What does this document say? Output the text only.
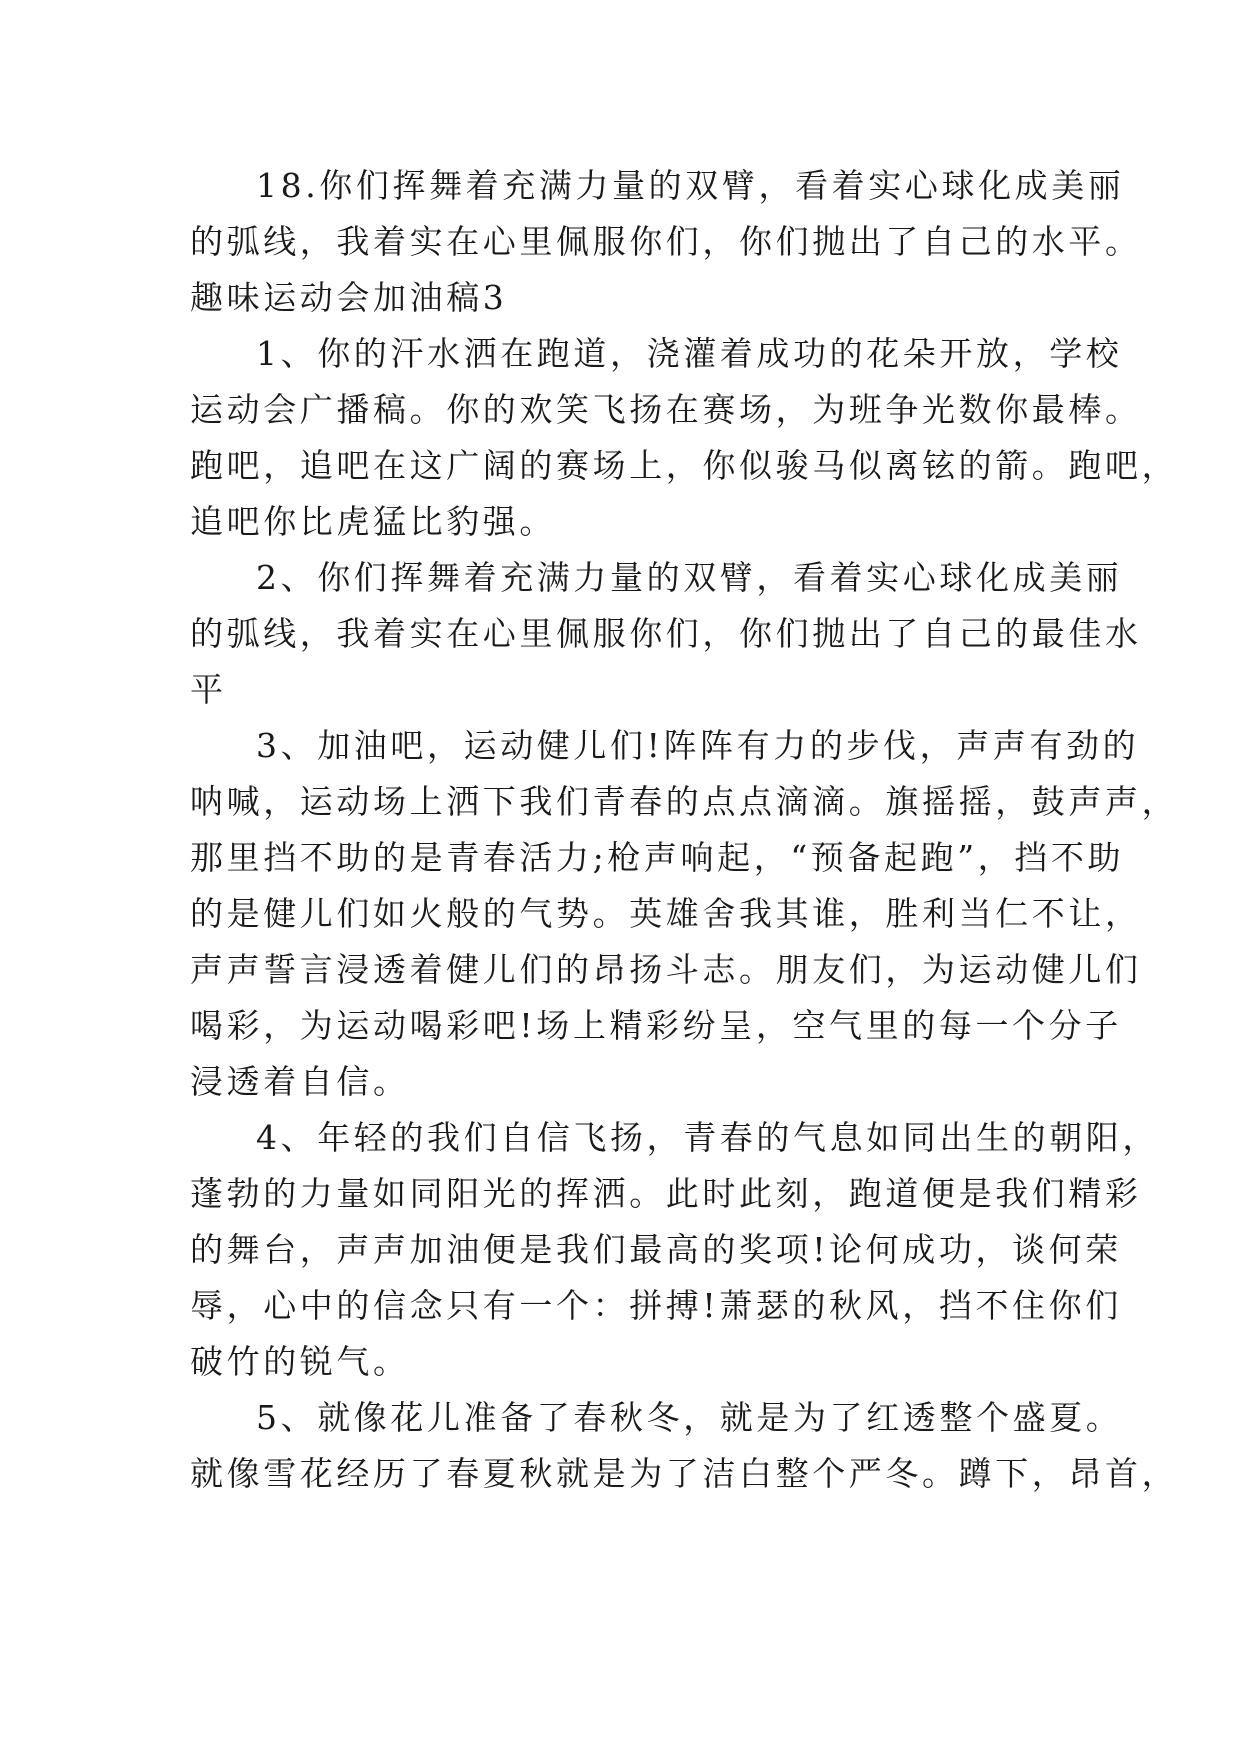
18.你们挥舞着充满力量的双臂，看着实心球化成美丽
的弧线，我着实在心里佩服你们，你们抛出了自己的水平。
趣味运动会加油稿3
1、你的汗水洒在跑道，浇灌着成功的花朵开放，学校
运动会广播稿。你的欢笑飞扬在赛场，为班争光数你最棒。
跑吧，追吧在这广阔的赛场上，你似骏马似离铉的箭。跑吧，
追吧你比虎猛比豹强。
2、你们挥舞着充满力量的双臂，看着实心球化成美丽
的弧线，我着实在心里佩服你们，你们抛出了自己的最佳水
平
3、加油吧，运动健儿们!阵阵有力的步伐，声声有劲的
呐喊，运动场上洒下我们青春的点点滴滴。旗摇摇，鼓声声，
那里挡不助的是青春活力;枪声响起，“预备起跑”，挡不助
的是健儿们如火般的气势。英雄舍我其谁，胜利当仁不让，
声声誓言浸透着健儿们的昂扬斗志。朋友们，为运动健儿们
喝彩，为运动喝彩吧!场上精彩纷呈，空气里的每一个分子
浸透着自信。
4、年轻的我们自信飞扬，青春的气息如同出生的朝阳，
蓬勃的力量如同阳光的挥洒。此时此刻，跑道便是我们精彩
的舞台，声声加油便是我们最高的奖项!论何成功，谈何荣
辱，心中的信念只有一个：拼搏!萧瑟的秋风，挡不住你们
破竹的锐气。
5、就像花儿准备了春秋冬，就是为了红透整个盛夏。
就像雪花经历了春夏秋就是为了洁白整个严冬。蹲下，昂首，
